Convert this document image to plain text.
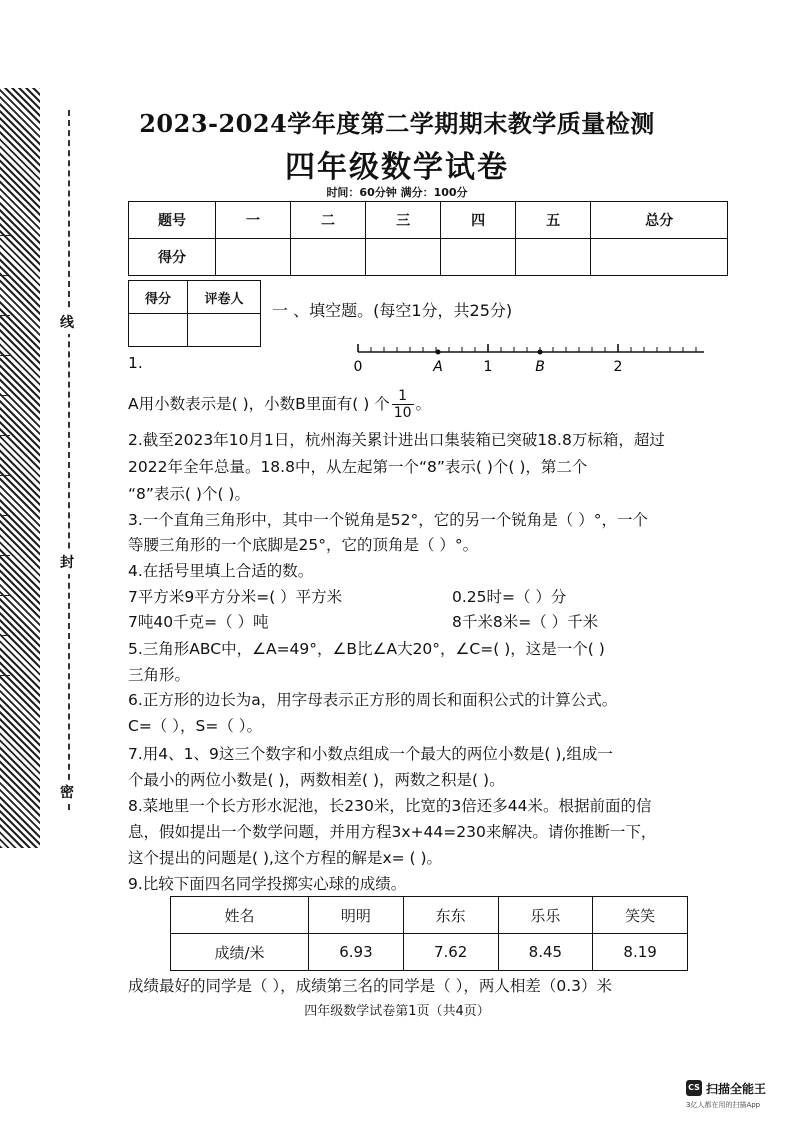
线
封
密
2023-2024学年度第二学期期末教学质量检测
四年级数学试卷
时间：60分钟 满分：100分
题号	一	二	三	四	五	总分
得分						
得分	评卷人

一 、填空题。(每空1分，共25分)
1.	0	A	1	B	2
A用小数表示是( )，小数B里面有( ) 个 $\frac{1}{10}$ 。
2.截至2023年10月1日，杭州海关累计进出口集装箱已突破18.8万标箱，超过
2022年全年总量。18.8中，从左起第一个“8”表示( )个( )，第二个
“8”表示( )个( )。
3.一个直角三角形中，其中一个锐角是52°，它的另一个锐角是（ ）°，一个
等腰三角形的一个底脚是25°，它的顶角是（ ）°。
4.在括号里填上合适的数。
7平方米9平方分米=( ）平方米	0.25时=（ ）分
7吨40千克=（ ）吨	8千米8米=（ ）千米
5.三角形ABC中，∠A=49°，∠B比∠A大20°，∠C=( )，这是一个( )
三角形。
6.正方形的边长为a，用字母表示正方形的周长和面积公式的计算公式。
C=（ ），S=（ ）。
7.用4、1、9这三个数字和小数点组成一个最大的两位小数是( ),组成一
个最小的两位小数是( )，两数相差( )，两数之积是( )。
8.菜地里一个长方形水泥池，长230米，比宽的3倍还多44米。根据前面的信
息，假如提出一个数学问题，并用方程3x+44=230来解决。请你推断一下，
这个提出的问题是( ),这个方程的解是x= ( )。
9.比较下面四名同学投掷实心球的成绩。
姓名	明明	东东	乐乐	笑笑
成绩/米	6.93	7.62	8.45	8.19
成绩最好的同学是（ ），成绩第三名的同学是（ ），两人相差（0.3）米
四年级数学试卷第1页（共4页）
CS 扫描全能王
3亿人都在用的扫描App
